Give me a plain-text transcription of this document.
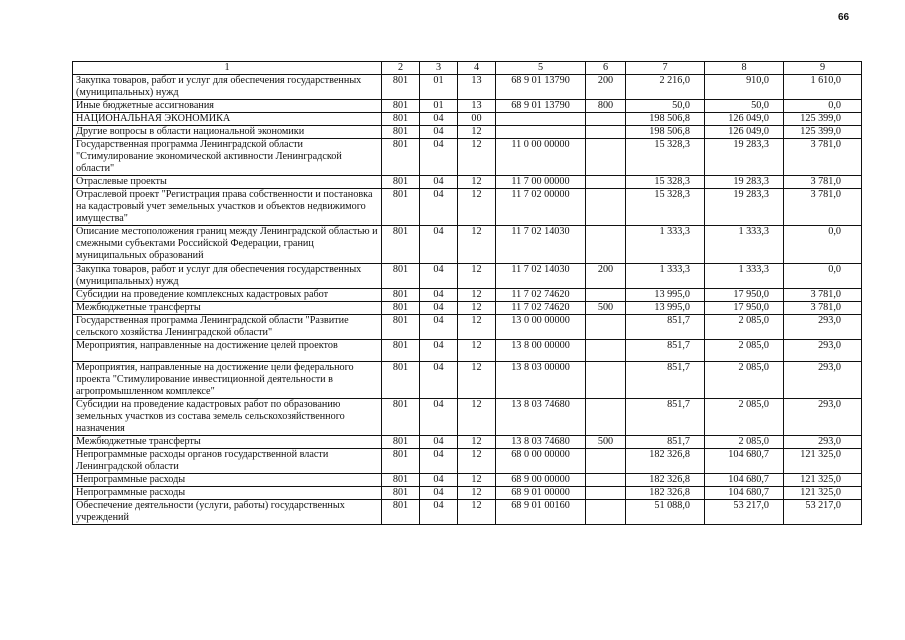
66
1	2	3	4	5	6	7	8	9
Закупка товаров, работ и услуг для обеспечения государственных (муниципальных) нужд	801	01	13	68 9 01 13790	200	2 216,0	910,0	1 610,0
Иные бюджетные ассигнования	801	01	13	68 9 01 13790	800	50,0	50,0	0,0
НАЦИОНАЛЬНАЯ ЭКОНОМИКА	801	04	00			198 506,8	126 049,0	125 399,0
Другие вопросы в области национальной экономики	801	04	12			198 506,8	126 049,0	125 399,0
Государственная программа Ленинградской области "Стимулирование экономической активности Ленинградской области"	801	04	12	11 0 00 00000		15 328,3	19 283,3	3 781,0
Отраслевые проекты	801	04	12	11 7 00 00000		15 328,3	19 283,3	3 781,0
Отраслевой проект "Регистрация права собственности и постановка на кадастровый учет земельных участков и объектов недвижимого имущества"	801	04	12	11 7 02 00000		15 328,3	19 283,3	3 781,0
Описание местоположения границ между Ленинградской областью и смежными субъектами Российской Федерации, границ муниципальных образований	801	04	12	11 7 02 14030		1 333,3	1 333,3	0,0
Закупка товаров, работ и услуг для обеспечения государственных (муниципальных) нужд	801	04	12	11 7 02 14030	200	1 333,3	1 333,3	0,0
Субсидии на проведение комплексных кадастровых работ	801	04	12	11 7 02 74620		13 995,0	17 950,0	3 781,0
Межбюджетные трансферты	801	04	12	11 7 02 74620	500	13 995,0	17 950,0	3 781,0
Государственная программа Ленинградской области "Развитие сельского хозяйства Ленинградской области"	801	04	12	13 0 00 00000		851,7	2 085,0	293,0
Мероприятия, направленные на достижение целей проектов	801	04	12	13 8 00 00000		851,7	2 085,0	293,0
Мероприятия, направленные на достижение цели федерального проекта "Стимулирование инвестиционной деятельности в агропромышленном комплексе"	801	04	12	13 8 03 00000		851,7	2 085,0	293,0
Субсидии на проведение кадастровых работ по образованию земельных участков из состава земель сельскохозяйственного назначения	801	04	12	13 8 03 74680		851,7	2 085,0	293,0
Межбюджетные трансферты	801	04	12	13 8 03 74680	500	851,7	2 085,0	293,0
Непрограммные расходы органов государственной власти Ленинградской области	801	04	12	68 0 00 00000		182 326,8	104 680,7	121 325,0
Непрограммные расходы	801	04	12	68 9 00 00000		182 326,8	104 680,7	121 325,0
Непрограммные расходы	801	04	12	68 9 01 00000		182 326,8	104 680,7	121 325,0
Обеспечение деятельности (услуги, работы) государственных учреждений	801	04	12	68 9 01 00160		51 088,0	53 217,0	53 217,0
